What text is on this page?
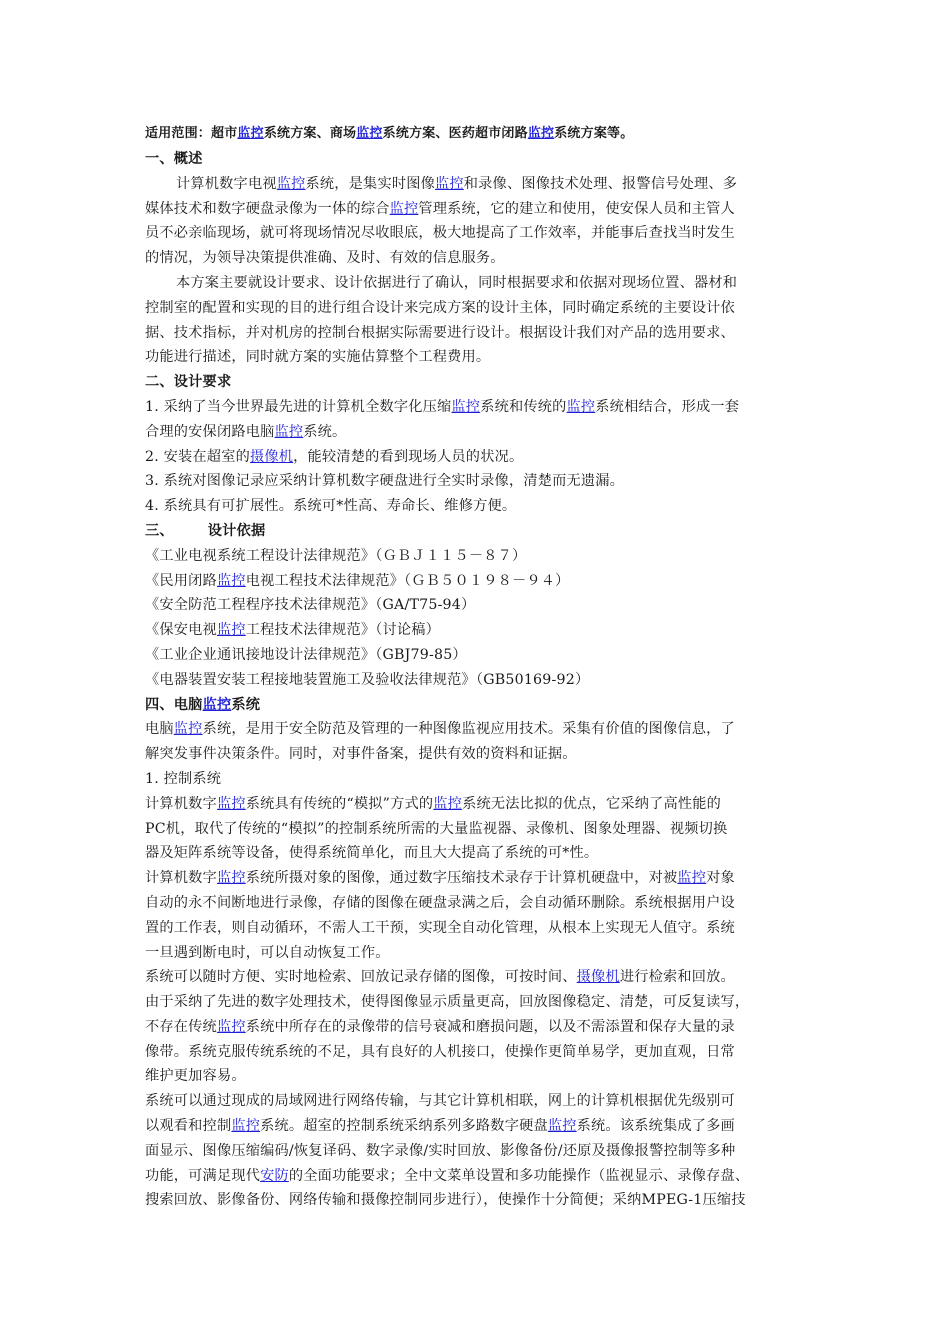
适用范围：超市监控系统方案、商场监控系统方案、医药超市闭路监控系统方案等。
一、概述
计算机数字电视监控系统，是集实时图像监控和录像、图像技术处理、报警信号处理、多
媒体技术和数字硬盘录像为一体的综合监控管理系统，它的建立和使用，使安保人员和主管人
员不必亲临现场，就可将现场情况尽收眼底，极大地提高了工作效率，并能事后查找当时发生
的情况，为领导决策提供准确、及时、有效的信息服务。
本方案主要就设计要求、设计依据进行了确认，同时根据要求和依据对现场位置、器材和
控制室的配置和实现的目的进行组合设计来完成方案的设计主体，同时确定系统的主要设计依
据、技术指标，并对机房的控制台根据实际需要进行设计。根据设计我们对产品的选用要求、
功能进行描述，同时就方案的实施估算整个工程费用。
二、设计要求
1. 采纳了当今世界最先进的计算机全数字化压缩监控系统和传统的监控系统相结合，形成一套
合理的安保闭路电脑监控系统。
2. 安装在超室的摄像机，能较清楚的看到现场人员的状况。
3. 系统对图像记录应采纳计算机数字硬盘进行全实时录像，清楚而无遗漏。
4. 系统具有可扩展性。系统可*性高、寿命长、维修方便。
三、 设计依据
《工业电视系统工程设计法律规范》（ＧＢＪ１１５－８７）
《民用闭路监控电视工程技术法律规范》（ＧＢ５０１９８－９４）
《安全防范工程程序技术法律规范》（GA/T75-94）
《保安电视监控工程技术法律规范》（讨论稿）
《工业企业通讯接地设计法律规范》（GBJ79-85）
《电器装置安装工程接地装置施工及验收法律规范》（GB50169-92）
四、电脑监控系统
电脑监控系统，是用于安全防范及管理的一种图像监视应用技术。采集有价值的图像信息，了
解突发事件决策条件。同时，对事件备案，提供有效的资料和证据。
1. 控制系统
计算机数字监控系统具有传统的“模拟”方式的监控系统无法比拟的优点，它采纳了高性能的
PC机，取代了传统的“模拟”的控制系统所需的大量监视器、录像机、图象处理器、视频切换
器及矩阵系统等设备，使得系统简单化，而且大大提高了系统的可*性。
计算机数字监控系统所摄对象的图像，通过数字压缩技术录存于计算机硬盘中，对被监控对象
自动的永不间断地进行录像，存储的图像在硬盘录满之后，会自动循环删除。系统根据用户设
置的工作表，则自动循环，不需人工干预，实现全自动化管理，从根本上实现无人值守。系统
一旦遇到断电时，可以自动恢复工作。
系统可以随时方便、实时地检索、回放记录存储的图像，可按时间、摄像机进行检索和回放。
由于采纳了先进的数字处理技术，使得图像显示质量更高，回放图像稳定、清楚，可反复读写，
不存在传统监控系统中所存在的录像带的信号衰减和磨损问题，以及不需添置和保存大量的录
像带。系统克服传统系统的不足，具有良好的人机接口，使操作更简单易学，更加直观，日常
维护更加容易。
系统可以通过现成的局域网进行网络传输，与其它计算机相联，网上的计算机根据优先级别可
以观看和控制监控系统。超室的控制系统采纳系列多路数字硬盘监控系统。该系统集成了多画
面显示、图像压缩编码/恢复译码、数字录像/实时回放、影像备份/还原及摄像报警控制等多种
功能，可满足现代安防的全面功能要求；全中文菜单设置和多功能操作（监视显示、录像存盘、
搜索回放、影像备份、网络传输和摄像控制同步进行），使操作十分简便；采纳MPEG-1压缩技
